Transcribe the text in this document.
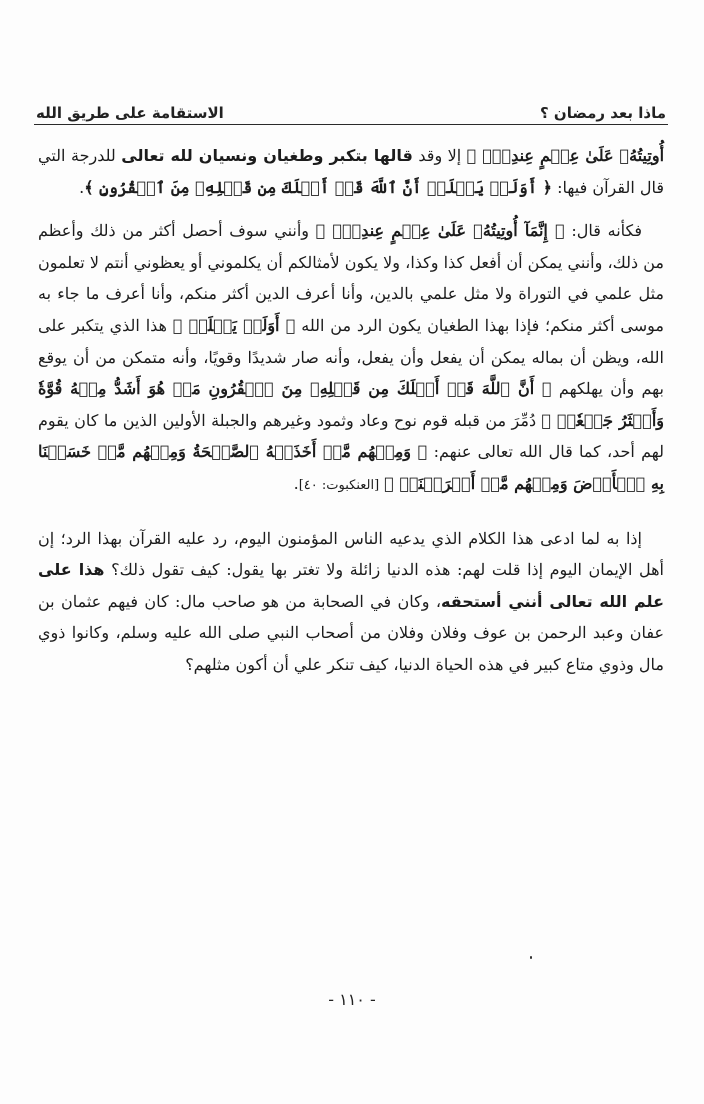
ماذا بعد رمضان ؟
الاستقامة على طريق الله

أُوتِيتُهُۥ عَلَىٰ عِلۡمٍ عِندِيٓۚ ﴾ إلا وقد قالها بتكبر وطغيان ونسيان لله تعالى للدرجة التي قال القرآن فيها: ﴿ أَوَلَمۡ يَعۡلَمۡ أَنَّ ٱللَّهَ قَدۡ أَهۡلَكَ مِن قَبۡلِهِۦ مِنَ ٱلۡقُرُونِ ﴾.

فكأنه قال: ﴿ إِنَّمَآ أُوتِيتُهُۥ عَلَىٰ عِلۡمٍ عِندِيٓۚ ﴾ وأنني سوف أحصل أكثر من ذلك وأعظم من ذلك، وأنني يمكن أن أفعل كذا وكذا، ولا يكون لأمثالكم أن يكلموني أو يعظوني أنتم لا تعلمون مثل علمي في التوراة ولا مثل علمي بالدين، وأنا أعرف الدين أكثر منكم، وأنا أعرف ما جاء به موسى أكثر منكم؛ فإذا بهذا الطغيان يكون الرد من الله ﴿ أَوَلَمۡ يَعۡلَمۡ ﴾ هذا الذي يتكبر على الله، ويظن أن بماله يمكن أن يفعل وأن يفعل، وأنه صار شديدًا وقويًا، وأنه متمكن من أن يوقع بهم وأن يهلكهم ﴿ أَنَّ ٱللَّهَ قَدۡ أَهۡلَكَ مِن قَبۡلِهِۦ مِنَ ٱلۡقُرُونِ مَنۡ هُوَ أَشَدُّ مِنۡهُ قُوَّةٗ وَأَكۡثَرُ جَمۡعٗاۚ ﴾ دُمِّرَ من قبله قوم نوح وعاد وثمود وغيرهم والجبلة الأولين الذين ما كان يقوم لهم أحد، كما قال الله تعالى عنهم: ﴿ وَمِنۡهُم مَّنۡ أَخَذَتۡهُ ٱلصَّيۡحَةُ وَمِنۡهُم مَّنۡ خَسَفۡنَا بِهِ ٱلۡأَرۡضَ وَمِنۡهُم مَّنۡ أَغۡرَقۡنَاۚ ﴾ [العنكبوت: ٤٠].

إذا به لما ادعى هذا الكلام الذي يدعيه الناس المؤمنون اليوم، رد عليه القرآن بهذا الرد؛ إن أهل الإيمان اليوم إذا قلت لهم: هذه الدنيا زائلة ولا تغتر بها يقول: كيف تقول ذلك؟ هذا على علم الله تعالى أنني أستحقه، وكان في الصحابة من هو صاحب مال: كان فيهم عثمان بن عفان وعبد الرحمن بن عوف وفلان وفلان من أصحاب النبي صلى الله عليه وسلم، وكانوا ذوي مال وذوي متاع كبير في هذه الحياة الدنيا، كيف تنكر علي أن أكون مثلهم؟

- ١١٠ -
